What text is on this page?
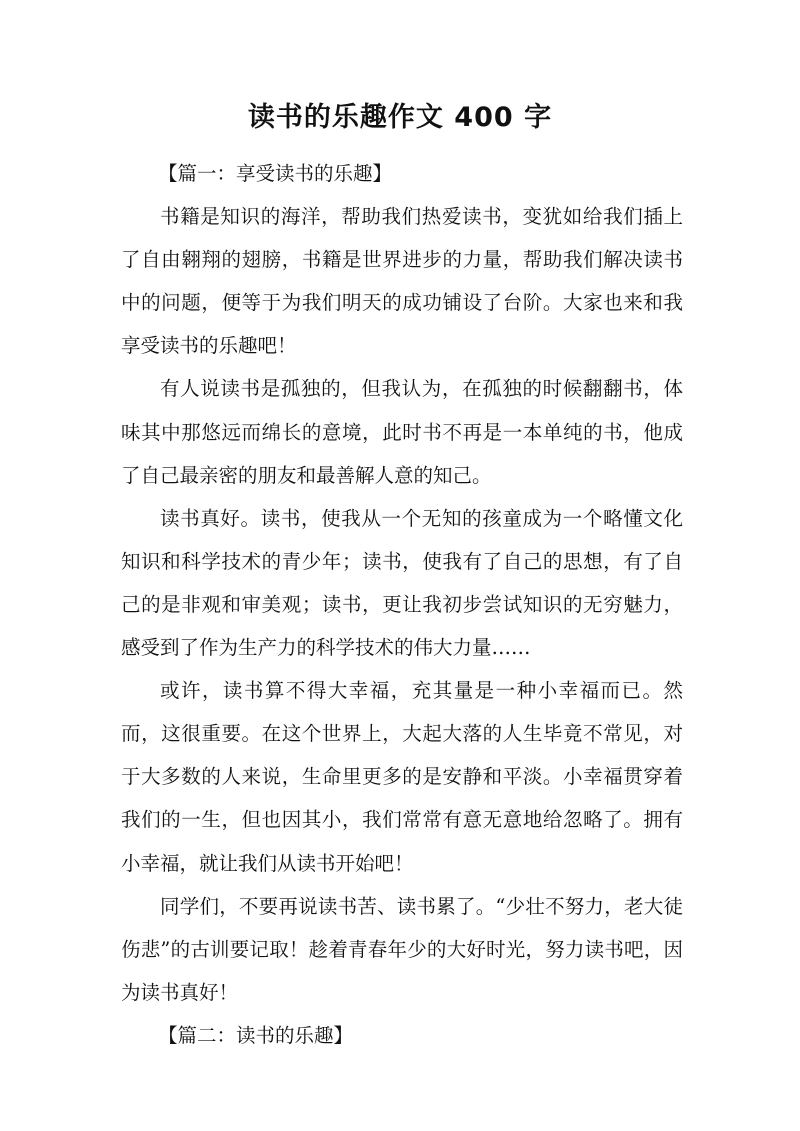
读书的乐趣作文 400 字

【篇一：享受读书的乐趣】

书籍是知识的海洋，帮助我们热爱读书，变犹如给我们插上了自由翱翔的翅膀，书籍是世界进步的力量，帮助我们解决读书中的问题，便等于为我们明天的成功铺设了台阶。大家也来和我享受读书的乐趣吧！

有人说读书是孤独的，但我认为，在孤独的时候翻翻书，体味其中那悠远而绵长的意境，此时书不再是一本单纯的书，他成了自己最亲密的朋友和最善解人意的知己。

读书真好。读书，使我从一个无知的孩童成为一个略懂文化知识和科学技术的青少年；读书，使我有了自己的思想，有了自己的是非观和审美观；读书，更让我初步尝试知识的无穷魅力，感受到了作为生产力的科学技术的伟大力量……

或许，读书算不得大幸福，充其量是一种小幸福而已。然而，这很重要。在这个世界上，大起大落的人生毕竟不常见，对于大多数的人来说，生命里更多的是安静和平淡。小幸福贯穿着我们的一生，但也因其小，我们常常有意无意地给忽略了。拥有小幸福，就让我们从读书开始吧！

同学们，不要再说读书苦、读书累了。“少壮不努力，老大徒伤悲”的古训要记取！趁着青春年少的大好时光，努力读书吧，因为读书真好！

【篇二：读书的乐趣】
